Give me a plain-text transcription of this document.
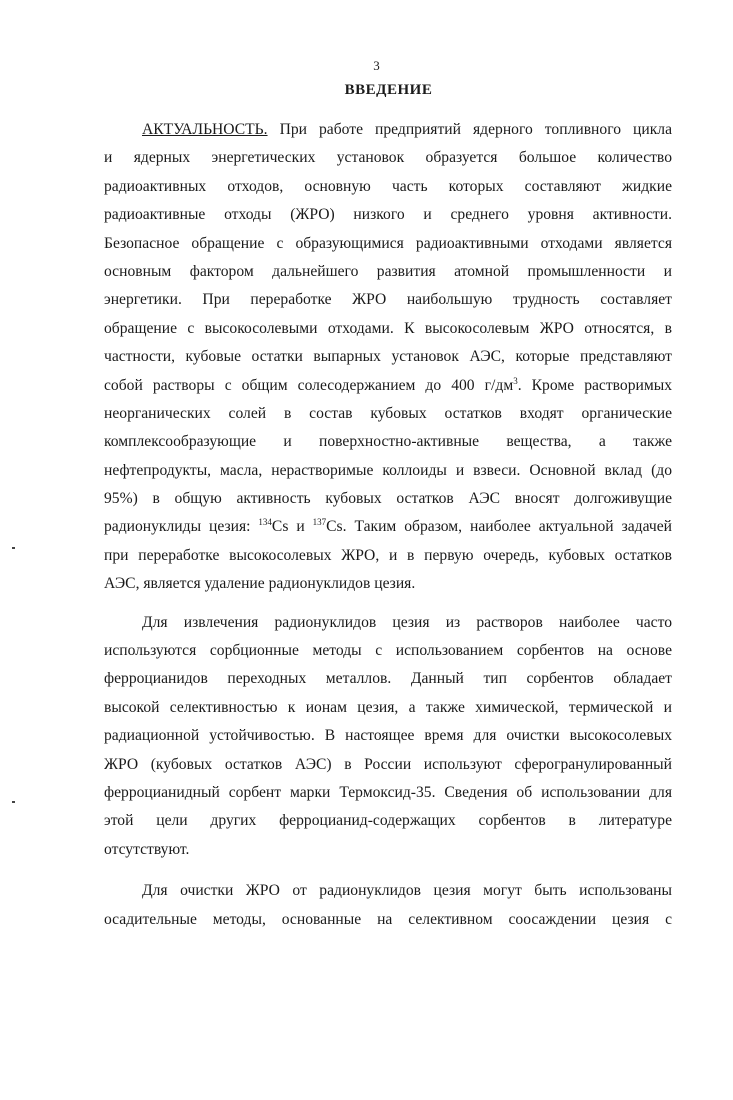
3
ВВЕДЕНИЕ
АКТУАЛЬНОСТЬ. При работе предприятий ядерного топливного цикла
и ядерных энергетических установок образуется большое количество
радиоактивных отходов, основную часть которых составляют жидкие
радиоактивные отходы (ЖРО) низкого и среднего уровня активности.
Безопасное обращение с образующимися радиоактивными отходами является
основным фактором дальнейшего развития атомной промышленности и
энергетики. При переработке ЖРО наибольшую трудность составляет
обращение с высокосолевыми отходами. К высокосолевым ЖРО относятся, в
частности, кубовые остатки выпарных установок АЭС, которые представляют
собой растворы с общим солесодержанием до 400 $г/дм^3$. Кроме растворимых
неорганических солей в состав кубовых остатков входят органические
комплексообразующие и поверхностно-активные вещества, а также
нефтепродукты, масла, нерастворимые коллоиды и взвеси. Основной вклад (до
95%) в общую активность кубовых остатков АЭС вносят долгоживущие
радионуклиды цезия: $^{134}$Cs и $^{137}$Cs. Таким образом, наиболее актуальной задачей
при переработке высокосолевых ЖРО, и в первую очередь, кубовых остатков
АЭС, является удаление радионуклидов цезия.
Для извлечения радионуклидов цезия из растворов наиболее часто
используются сорбционные методы с использованием сорбентов на основе
ферроцианидов переходных металлов. Данный тип сорбентов обладает
высокой селективностью к ионам цезия, а также химической, термической и
радиационной устойчивостью. В настоящее время для очистки высокосолевых
ЖРО (кубовых остатков АЭС) в России используют сферогранулированный
ферроцианидный сорбент марки Термоксид-35. Сведения об использовании для
этой цели других ферроцианид-содержащих сорбентов в литературе
отсутствуют.
Для очистки ЖРО от радионуклидов цезия могут быть использованы
осадительные методы, основанные на селективном соосаждении цезия с
